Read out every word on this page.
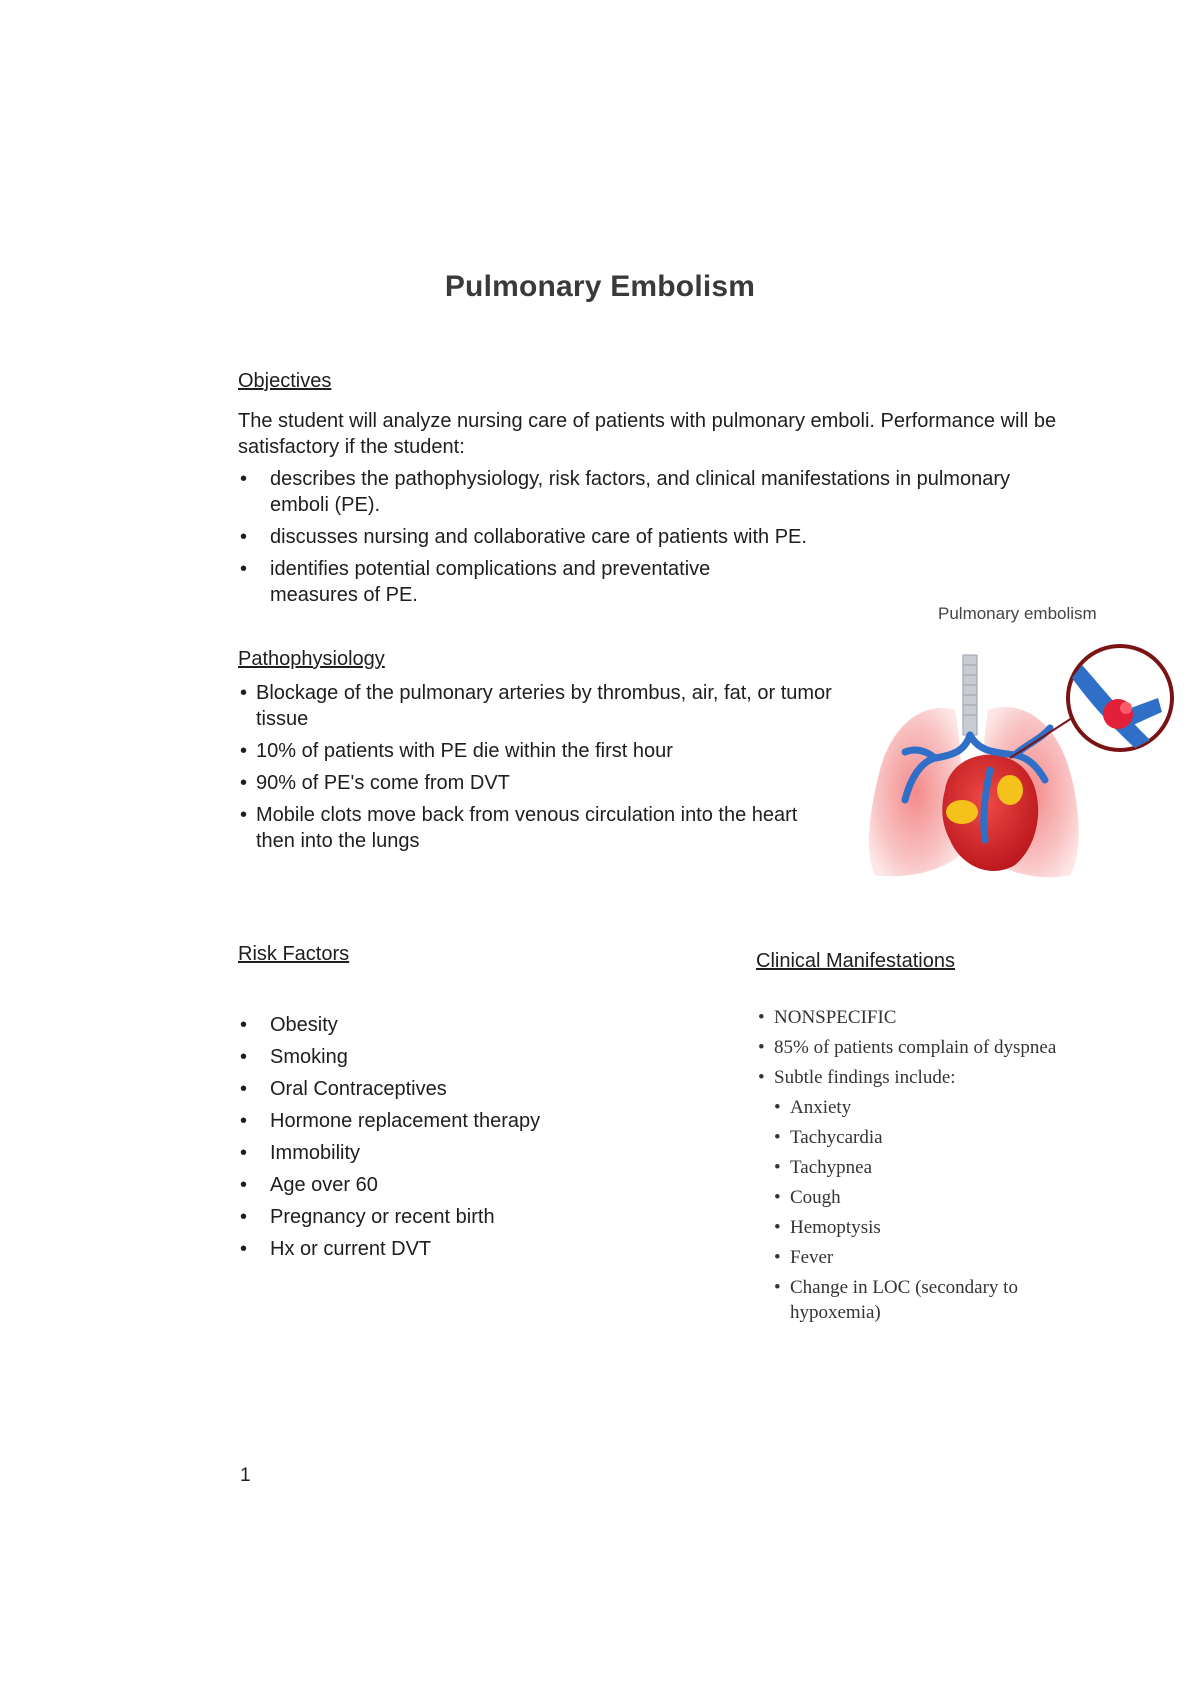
Pulmonary Embolism
Objectives
The student will analyze nursing care of patients with pulmonary emboli. Performance will be satisfactory if the student:
• describes the pathophysiology, risk factors, and clinical manifestations in pulmonary emboli (PE).
• discusses nursing and collaborative care of patients with PE.
• identifies potential complications and preventative measures of PE.
Pathophysiology
• Blockage of the pulmonary arteries by thrombus, air, fat, or tumor tissue
• 10% of patients with PE die within the first hour
• 90% of PE's come from DVT
• Mobile clots move back from venous circulation into the heart then into the lungs
Pulmonary embolism
Risk Factors
• Obesity
• Smoking
• Oral Contraceptives
• Hormone replacement therapy
• Immobility
• Age over 60
• Pregnancy or recent birth
• Hx or current DVT
Clinical Manifestations
• NONSPECIFIC
• 85% of patients complain of dyspnea
• Subtle findings include:
• Anxiety
• Tachycardia
• Tachypnea
• Cough
• Hemoptysis
• Fever
• Change in LOC (secondary to hypoxemia)
1
